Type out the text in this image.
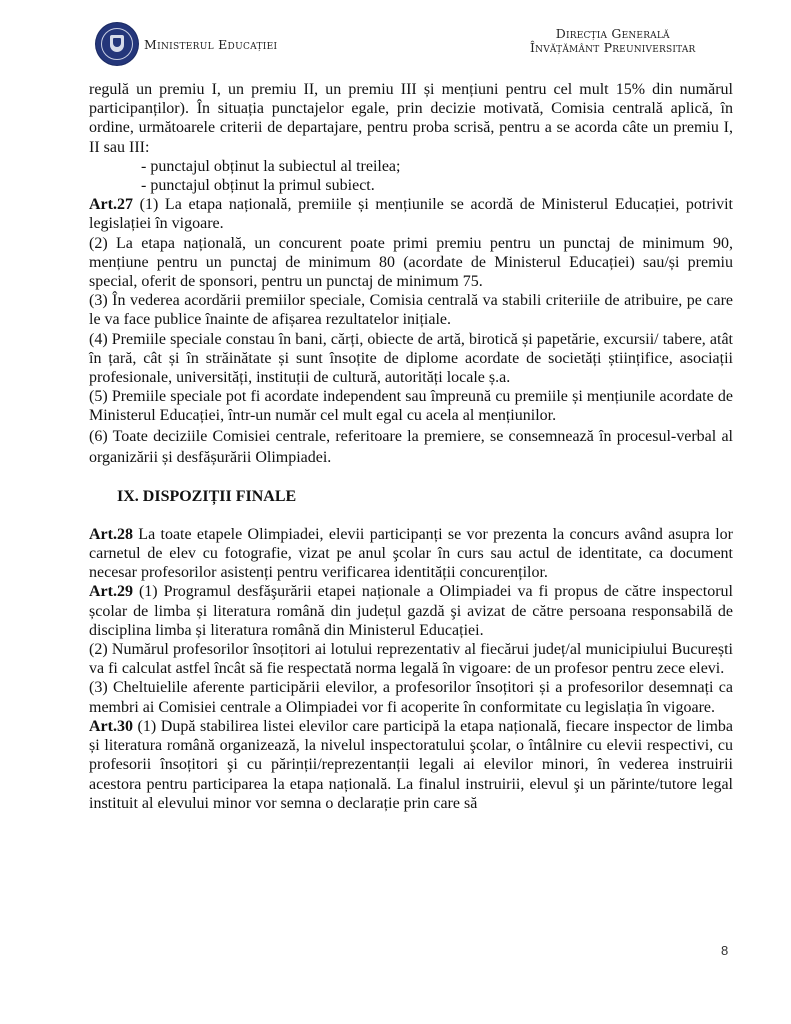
Ministerul Educației
Direcția Generală
Învățământ Preuniversitar

regulă un premiu I, un premiu II, un premiu III și mențiuni pentru cel mult 15% din numărul participanților). În situația punctajelor egale, prin decizie motivată, Comisia centrală aplică, în ordine, următoarele criterii de departajare, pentru proba scrisă, pentru a se acorda câte un premiu I, II sau III:

- punctajul obținut la subiectul al treilea;

- punctajul obținut la primul subiect.

Art.27 (1) La etapa națională, premiile și mențiunile se acordă de Ministerul Educației, potrivit legislației în vigoare.

(2) La etapa națională, un concurent poate primi premiu pentru un punctaj de minimum 90, mențiune pentru un punctaj de minimum 80 (acordate de Ministerul Educației) sau/și premiu special, oferit de sponsori, pentru un punctaj de minimum 75.

(3) În vederea acordării premiilor speciale, Comisia centrală va stabili criteriile de atribuire, pe care le va face publice înainte de afișarea rezultatelor inițiale.

(4) Premiile speciale constau în bani, cărți, obiecte de artă, birotică și papetărie, excursii/ tabere, atât în țară, cât și în străinătate și sunt însoțite de diplome acordate de societăți științifice, asociații profesionale, universități, instituții de cultură, autorități locale ș.a.

(5) Premiile speciale pot fi acordate independent sau împreună cu premiile și mențiunile acordate de Ministerul Educației, într-un număr cel mult egal cu acela al mențiunilor.

(6) Toate deciziile Comisiei centrale, referitoare la premiere, se consemnează în procesul-verbal al organizării și desfășurării Olimpiadei.

IX. DISPOZIȚII FINALE

Art.28 La toate etapele Olimpiadei, elevii participanți se vor prezenta la concurs având asupra lor carnetul de elev cu fotografie, vizat pe anul şcolar în curs sau actul de identitate, ca document necesar profesorilor asistenți pentru verificarea identității concurenților.

Art.29 (1) Programul desfăşurării etapei naționale a Olimpiadei va fi propus de către inspectorul școlar de limba și literatura română din județul gazdă şi avizat de către persoana responsabilă de disciplina limba și literatura română din Ministerul Educației.

(2) Numărul profesorilor însoțitori ai lotului reprezentativ al fiecărui județ/al municipiului București va fi calculat astfel încât să fie respectată norma legală în vigoare: de un profesor pentru zece elevi.

(3) Cheltuielile aferente participării elevilor, a profesorilor însoțitori și a profesorilor desemnați ca membri ai Comisiei centrale a Olimpiadei vor fi acoperite în conformitate cu legislația în vigoare.

Art.30 (1) După stabilirea listei elevilor care participă la etapa națională, fiecare inspector de limba și literatura română organizează, la nivelul inspectoratului şcolar, o întâlnire cu elevii respectivi, cu profesorii însoțitori şi cu părinții/reprezentanții legali ai elevilor minori, în vederea instruirii acestora pentru participarea la etapa națională. La finalul instruirii, elevul şi un părinte/tutore legal instituit al elevului minor vor semna o declarație prin care să

8
